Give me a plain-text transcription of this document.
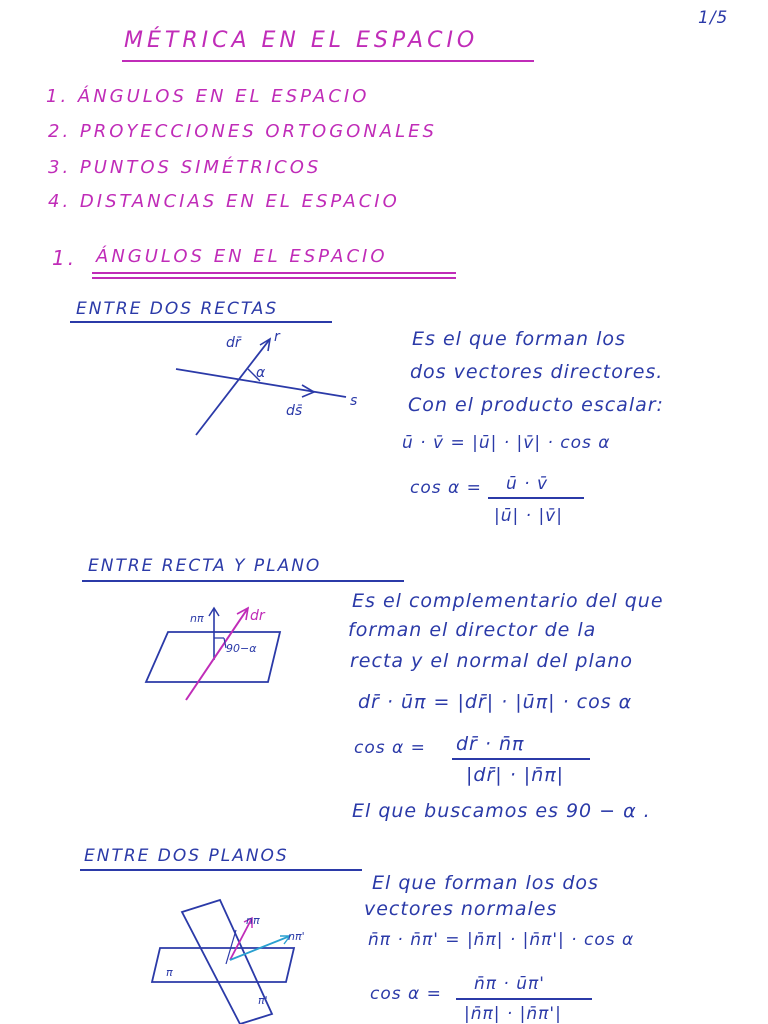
1/5
MÉTRICA EN EL ESPACIO
1. ÁNGULOS EN EL ESPACIO
2. PROYECCIONES ORTOGONALES
3. PUNTOS SIMÉTRICOS
4. DISTANCIAS EN EL ESPACIO
1. ÁNGULOS EN EL ESPACIO
ENTRE DOS RECTAS
dr̄ r
α
ds̄
s
Es el que forman los
dos vectores directores.
Con el producto escalar:
ū · v̄ = |ū| · |v̄| · cos α
cos α = ū · v̄
|ū| · |v̄|
ENTRE RECTA Y PLANO
nπ	dr
90−α
Es el complementario del que
forman el director de la
recta y el normal del plano
dr̄ · ūπ = |dr̄| · |ūπ| · cos α
cos α = dr̄ · n̄π
|dr̄| · |n̄π|
El que buscamos es 90 − α .
ENTRE DOS PLANOS
nπ
nπ'
π
π'
El que forman los dos
vectores normales
n̄π · n̄π' = |n̄π| · |n̄π'| · cos α
cos α = n̄π · ūπ'
|n̄π| · |n̄π'|
